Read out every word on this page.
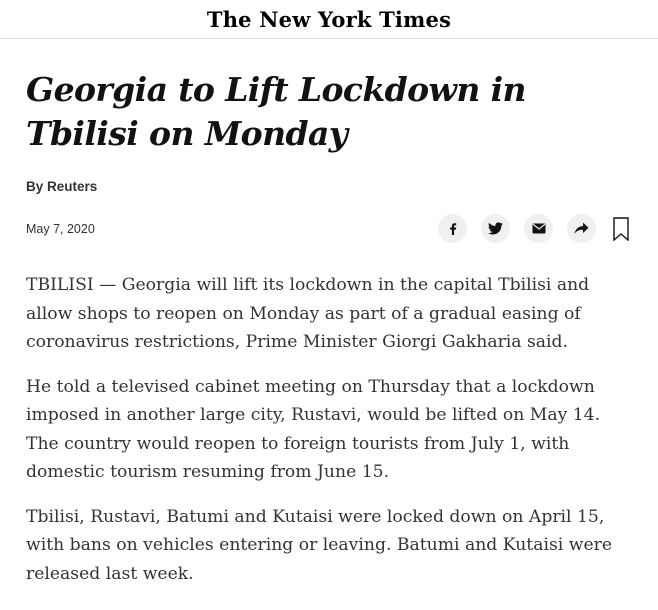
The New York Times
Georgia to Lift Lockdown in Tbilisi on Monday
By Reuters
May 7, 2020

TBILISI — Georgia will lift its lockdown in the capital Tbilisi and allow shops to reopen on Monday as part of a gradual easing of coronavirus restrictions, Prime Minister Giorgi Gakharia said.

He told a televised cabinet meeting on Thursday that a lockdown imposed in another large city, Rustavi, would be lifted on May 14. The country would reopen to foreign tourists from July 1, with domestic tourism resuming from June 15.

Tbilisi, Rustavi, Batumi and Kutaisi were locked down on April 15, with bans on vehicles entering or leaving. Batumi and Kutaisi were released last week.
